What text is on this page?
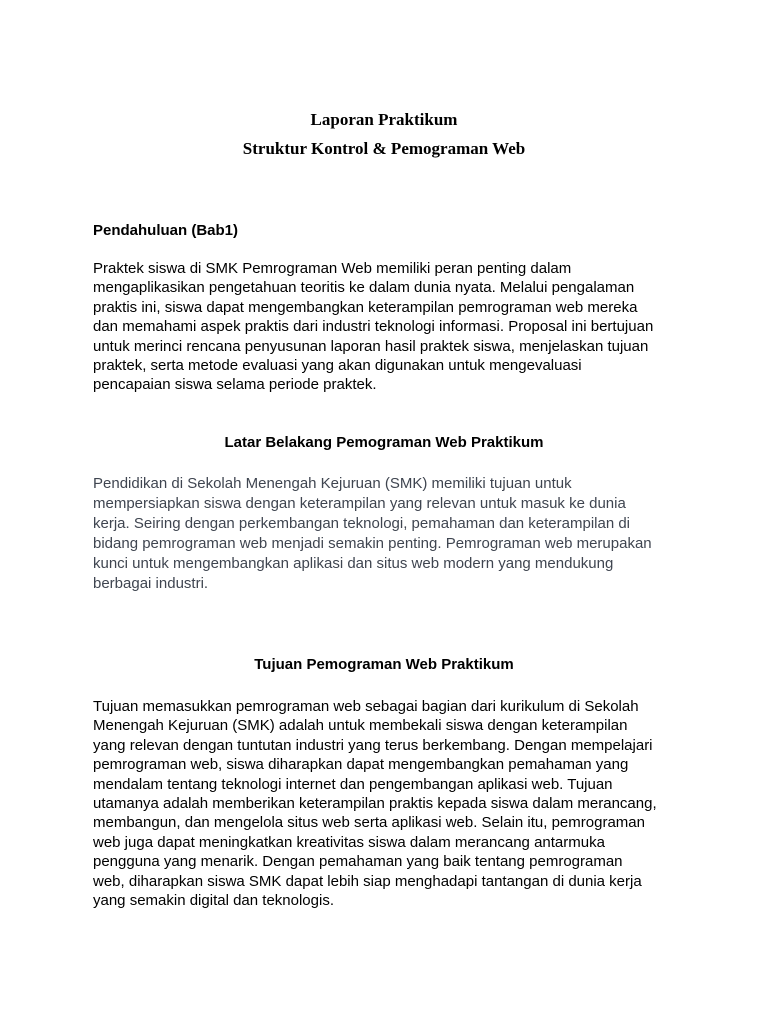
Laporan Praktikum
Struktur Kontrol & Pemograman Web
Pendahuluan (Bab1)
Praktek siswa di SMK Pemrograman Web memiliki peran penting dalam
mengaplikasikan pengetahuan teoritis ke dalam dunia nyata. Melalui pengalaman
praktis ini, siswa dapat mengembangkan keterampilan pemrograman web mereka
dan memahami aspek praktis dari industri teknologi informasi. Proposal ini bertujuan
untuk merinci rencana penyusunan laporan hasil praktek siswa, menjelaskan tujuan
praktek, serta metode evaluasi yang akan digunakan untuk mengevaluasi
pencapaian siswa selama periode praktek.
Latar Belakang Pemograman Web Praktikum
Pendidikan di Sekolah Menengah Kejuruan (SMK) memiliki tujuan untuk
mempersiapkan siswa dengan keterampilan yang relevan untuk masuk ke dunia
kerja. Seiring dengan perkembangan teknologi, pemahaman dan keterampilan di
bidang pemrograman web menjadi semakin penting. Pemrograman web merupakan
kunci untuk mengembangkan aplikasi dan situs web modern yang mendukung
berbagai industri.
Tujuan Pemograman Web Praktikum
Tujuan memasukkan pemrograman web sebagai bagian dari kurikulum di Sekolah
Menengah Kejuruan (SMK) adalah untuk membekali siswa dengan keterampilan
yang relevan dengan tuntutan industri yang terus berkembang. Dengan mempelajari
pemrograman web, siswa diharapkan dapat mengembangkan pemahaman yang
mendalam tentang teknologi internet dan pengembangan aplikasi web. Tujuan
utamanya adalah memberikan keterampilan praktis kepada siswa dalam merancang,
membangun, dan mengelola situs web serta aplikasi web. Selain itu, pemrograman
web juga dapat meningkatkan kreativitas siswa dalam merancang antarmuka
pengguna yang menarik. Dengan pemahaman yang baik tentang pemrograman
web, diharapkan siswa SMK dapat lebih siap menghadapi tantangan di dunia kerja
yang semakin digital dan teknologis.
